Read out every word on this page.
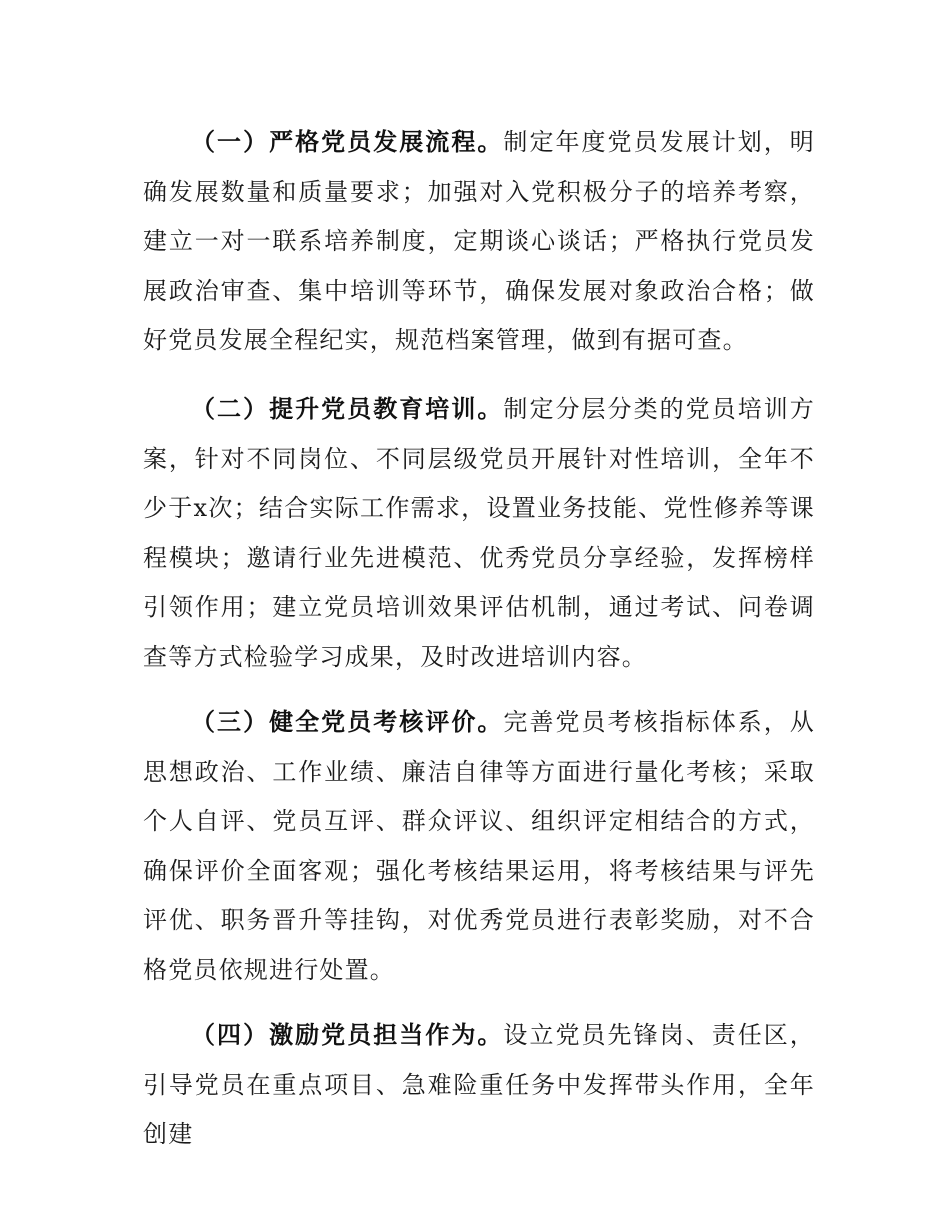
（一）严格党员发展流程。制定年度党员发展计划，明确发展数量和质量要求；加强对入党积极分子的培养考察，建立一对一联系培养制度，定期谈心谈话；严格执行党员发展政治审查、集中培训等环节，确保发展对象政治合格；做好党员发展全程纪实，规范档案管理，做到有据可查。

（二）提升党员教育培训。制定分层分类的党员培训方案，针对不同岗位、不同层级党员开展针对性培训，全年不少于x次；结合实际工作需求，设置业务技能、党性修养等课程模块；邀请行业先进模范、优秀党员分享经验，发挥榜样引领作用；建立党员培训效果评估机制，通过考试、问卷调查等方式检验学习成果，及时改进培训内容。

（三）健全党员考核评价。完善党员考核指标体系，从思想政治、工作业绩、廉洁自律等方面进行量化考核；采取个人自评、党员互评、群众评议、组织评定相结合的方式，确保评价全面客观；强化考核结果运用，将考核结果与评先评优、职务晋升等挂钩，对优秀党员进行表彰奖励，对不合格党员依规进行处置。

（四）激励党员担当作为。设立党员先锋岗、责任区，引导党员在重点项目、急难险重任务中发挥带头作用，全年创建
